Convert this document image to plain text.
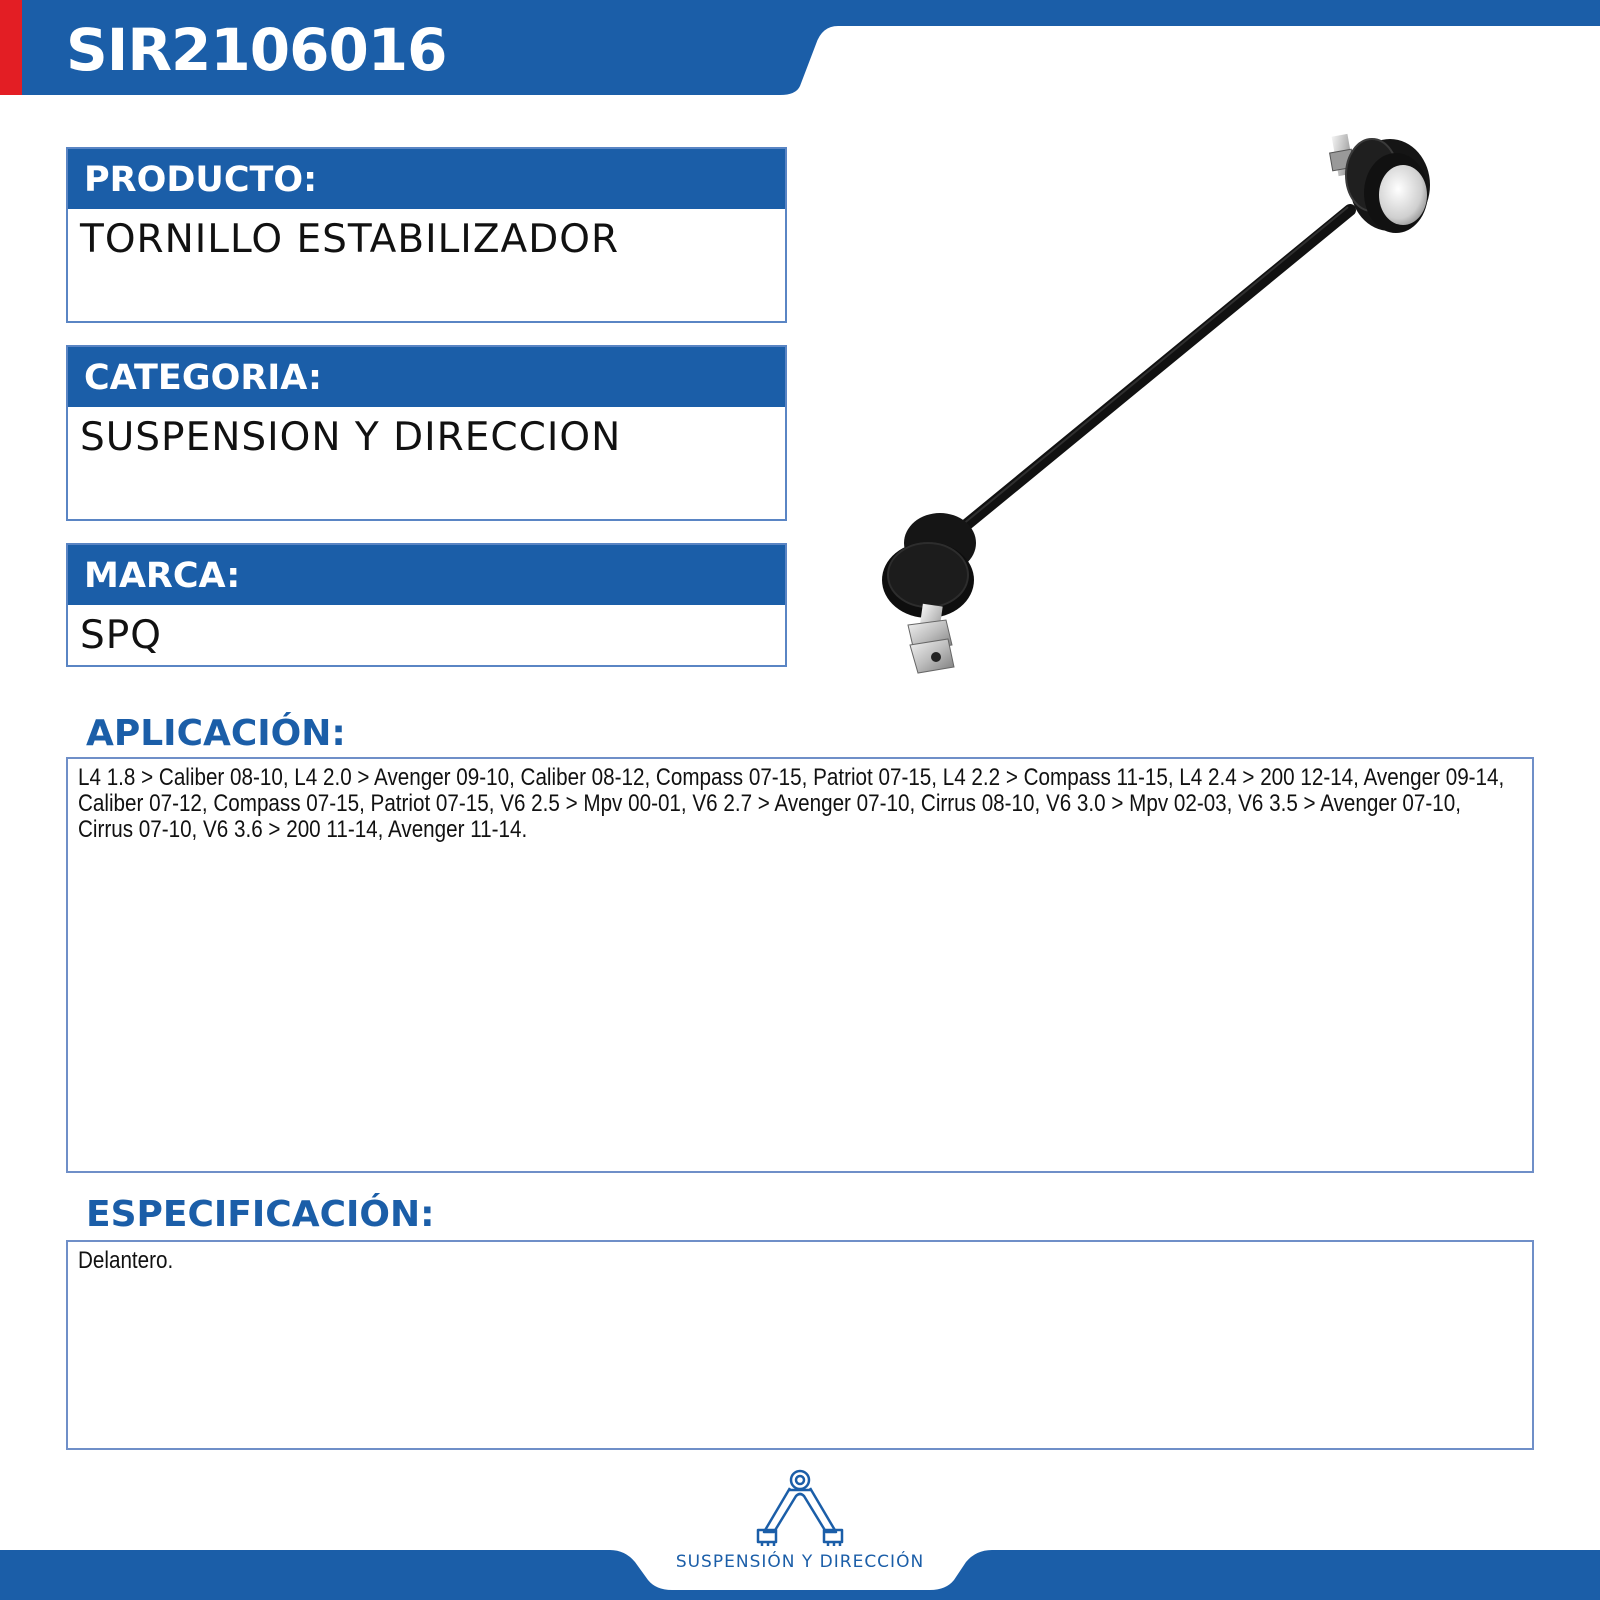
SIR2106016
PRODUCTO:
TORNILLO ESTABILIZADOR
CATEGORIA:
SUSPENSION Y DIRECCION
MARCA:
SPQ
APLICACIÓN:
L4 1.8 > Caliber 08-10, L4 2.0 > Avenger 09-10, Caliber 08-12, Compass 07-15, Patriot 07-15, L4 2.2 > Compass 11-15, L4 2.4 > 200 12-14, Avenger 09-14, Caliber 07-12, Compass 07-15, Patriot 07-15, V6 2.5 > Mpv 00-01, V6 2.7 > Avenger 07-10, Cirrus 08-10, V6 3.0 > Mpv 02-03, V6 3.5 > Avenger 07-10, Cirrus 07-10, V6 3.6 > 200 11-14, Avenger 11-14.
ESPECIFICACIÓN:
Delantero.
SUSPENSIÓN Y DIRECCIÓN
